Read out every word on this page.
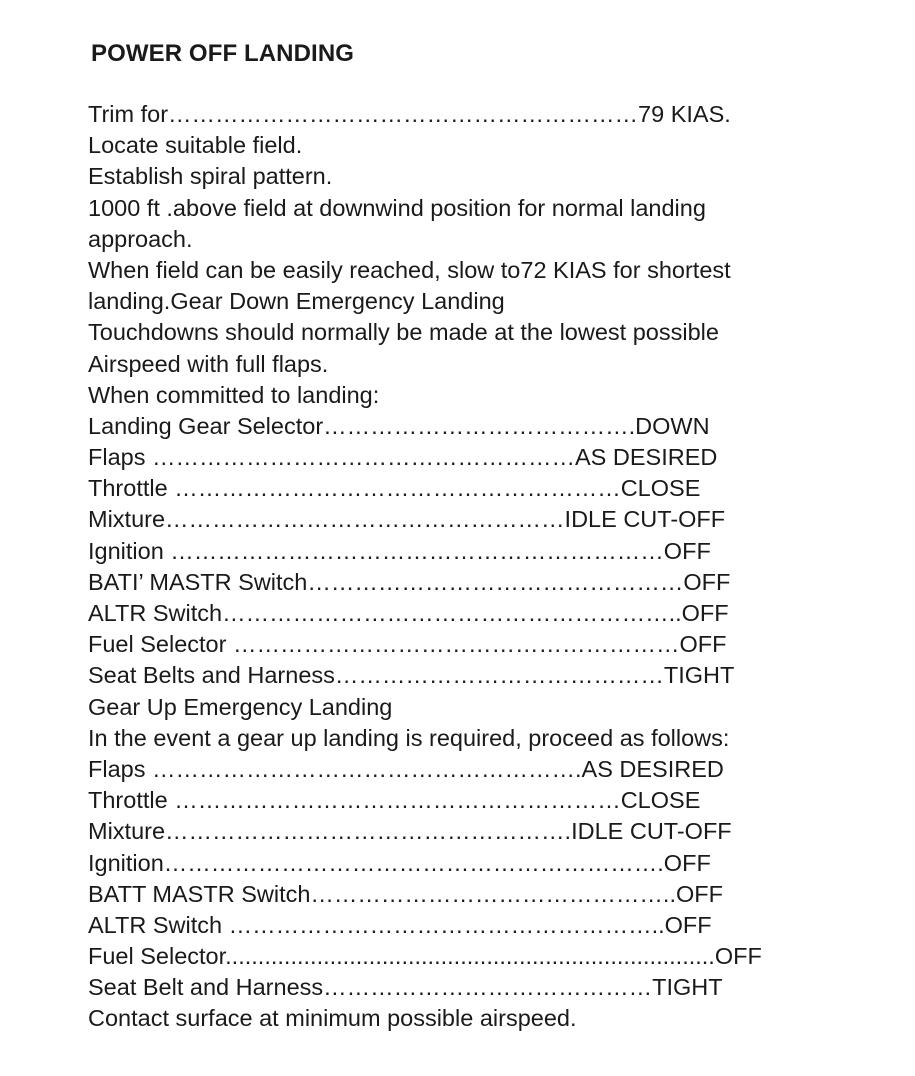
POWER OFF LANDING
Trim for……………………………………………………79 KIAS.
Locate suitable field.
Establish spiral pattern.
1000 ft .above field at downwind position for normal landing
approach.
When field can be easily reached, slow to72 KIAS for shortest
landing.Gear Down Emergency Landing
Touchdowns should normally be made at the lowest possible
Airspeed with full flaps.
When committed to landing:
Landing Gear Selector………………………………….DOWN
Flaps ………………………………………………AS DESIRED
Throttle …………………………………………………CLOSE
Mixture……………………………………………IDLE CUT-OFF
Ignition ………………………………………………………OFF
BATI’ MASTR Switch…………………………………………OFF
ALTR Switch…………………………………………………..OFF
Fuel Selector …………………………………………………OFF
Seat Belts and Harness……………………………………TIGHT
Gear Up Emergency Landing
In the event a gear up landing is required, proceed as follows:
Flaps ……………………………………………….AS DESIRED
Throttle …………………………………………………CLOSE
Mixture…………………………………………….IDLE CUT-OFF
Ignition……………………………………………………….OFF
BATT MASTR Switch………………………………………..OFF
ALTR Switch ………………………………………………..OFF
Fuel Selector...........................................................................OFF
Seat Belt and Harness……………………………………TIGHT
Contact surface at minimum possible airspeed.
